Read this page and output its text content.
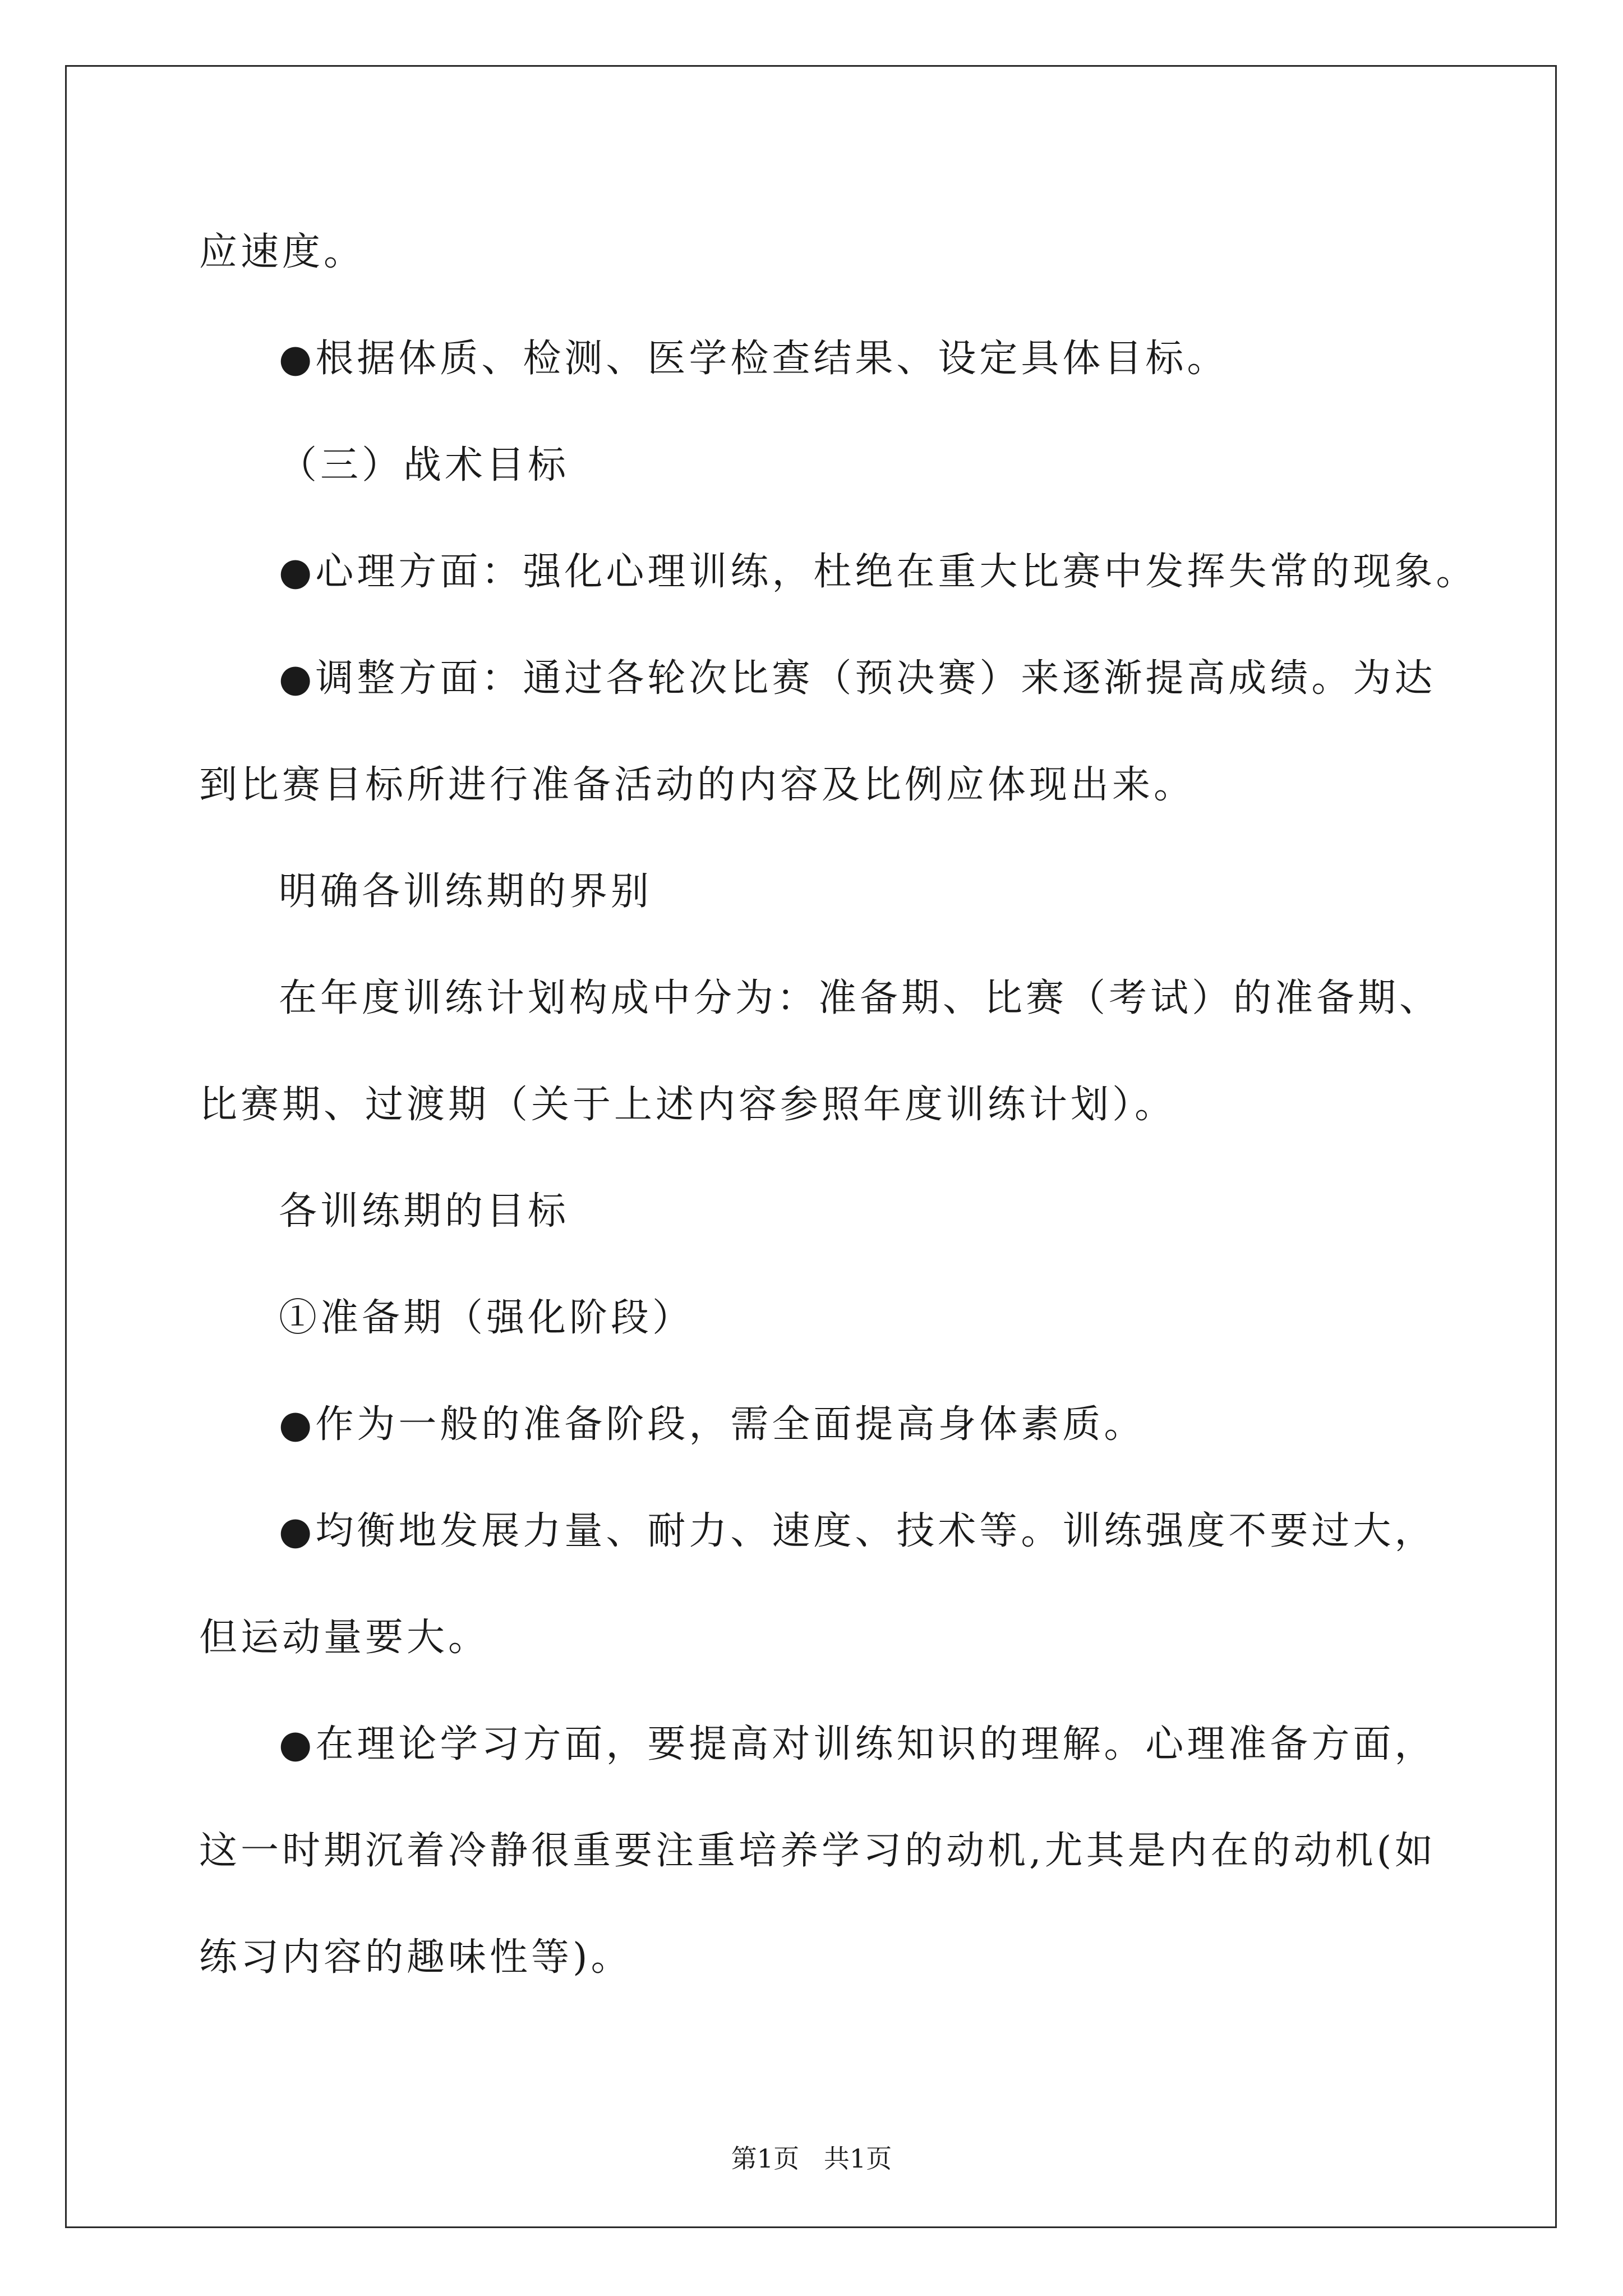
应速度。
●根据体质、检测、医学检查结果、设定具体目标。
（三）战术目标
●心理方面：强化心理训练，杜绝在重大比赛中发挥失常的现象。
●调整方面：通过各轮次比赛（预决赛）来逐渐提高成绩。为达
到比赛目标所进行准备活动的内容及比例应体现出来。
明确各训练期的界别
在年度训练计划构成中分为：准备期、比赛（考试）的准备期、
比赛期、过渡期（关于上述内容参照年度训练计划）。
各训练期的目标
①准备期（强化阶段）
●作为一般的准备阶段，需全面提高身体素质。
●均衡地发展力量、耐力、速度、技术等。训练强度不要过大，
但运动量要大。
●在理论学习方面，要提高对训练知识的理解。心理准备方面，
这一时期沉着冷静很重要注重培养学习的动机,尤其是内在的动机(如
练习内容的趣味性等)。
第1页   共1页
